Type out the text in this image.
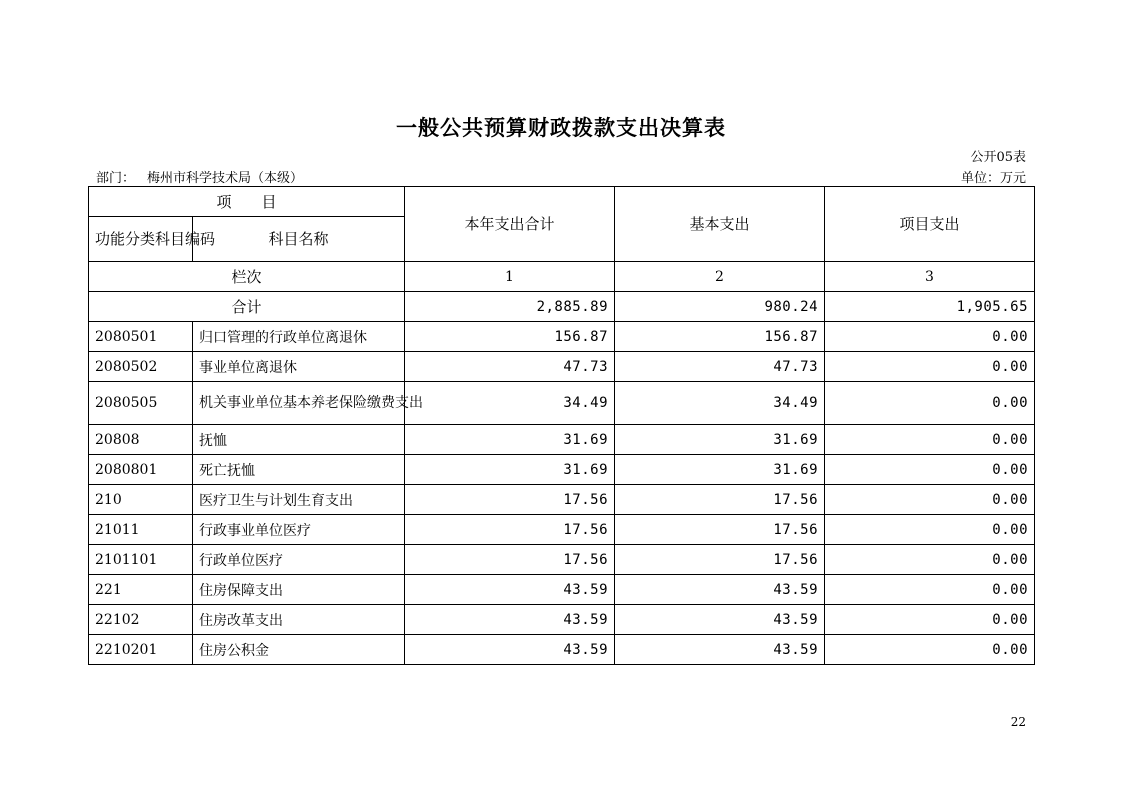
一般公共预算财政拨款支出决算表
公开05表
部门： 梅州市科学技术局（本级）	单位：万元
项　　目		本年支出合计	基本支出	项目支出
功能分类科目编码	科目名称			
栏次		1	2	3
合计		2,885.89	980.24	1,905.65
2080501	归口管理的行政单位离退休	156.87	156.87	0.00
2080502	事业单位离退休	47.73	47.73	0.00
2080505	机关事业单位基本养老保险缴费支出	34.49	34.49	0.00
20808	抚恤	31.69	31.69	0.00
2080801	死亡抚恤	31.69	31.69	0.00
210	医疗卫生与计划生育支出	17.56	17.56	0.00
21011	行政事业单位医疗	17.56	17.56	0.00
2101101	行政单位医疗	17.56	17.56	0.00
221	住房保障支出	43.59	43.59	0.00
22102	住房改革支出	43.59	43.59	0.00
2210201	住房公积金	43.59	43.59	0.00
22
